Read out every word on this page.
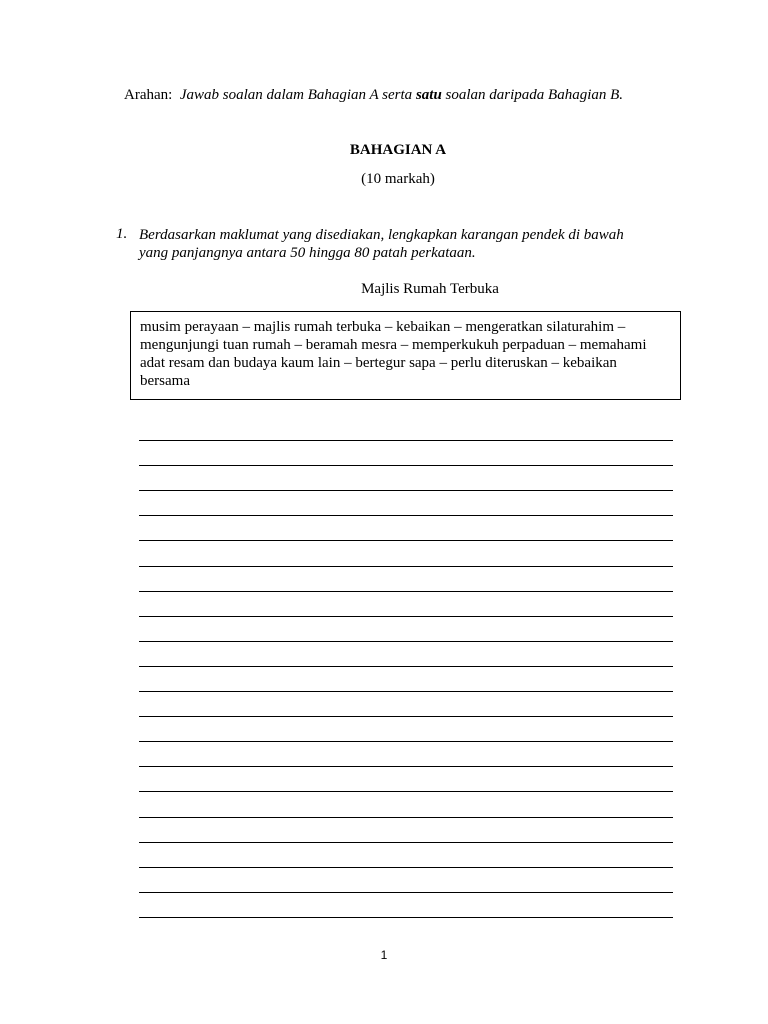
Arahan: Jawab soalan dalam Bahagian A serta satu soalan daripada Bahagian B.
BAHAGIAN A
(10 markah)
1. Berdasarkan maklumat yang disediakan, lengkapkan karangan pendek di bawah
yang panjangnya antara 50 hingga 80 patah perkataan.
Majlis Rumah Terbuka
musim perayaan – majlis rumah terbuka – kebaikan – mengeratkan silaturahim –
mengunjungi tuan rumah – beramah mesra – memperkukuh perpaduan – memahami
adat resam dan budaya kaum lain – bertegur sapa – perlu diteruskan – kebaikan
bersama
1
